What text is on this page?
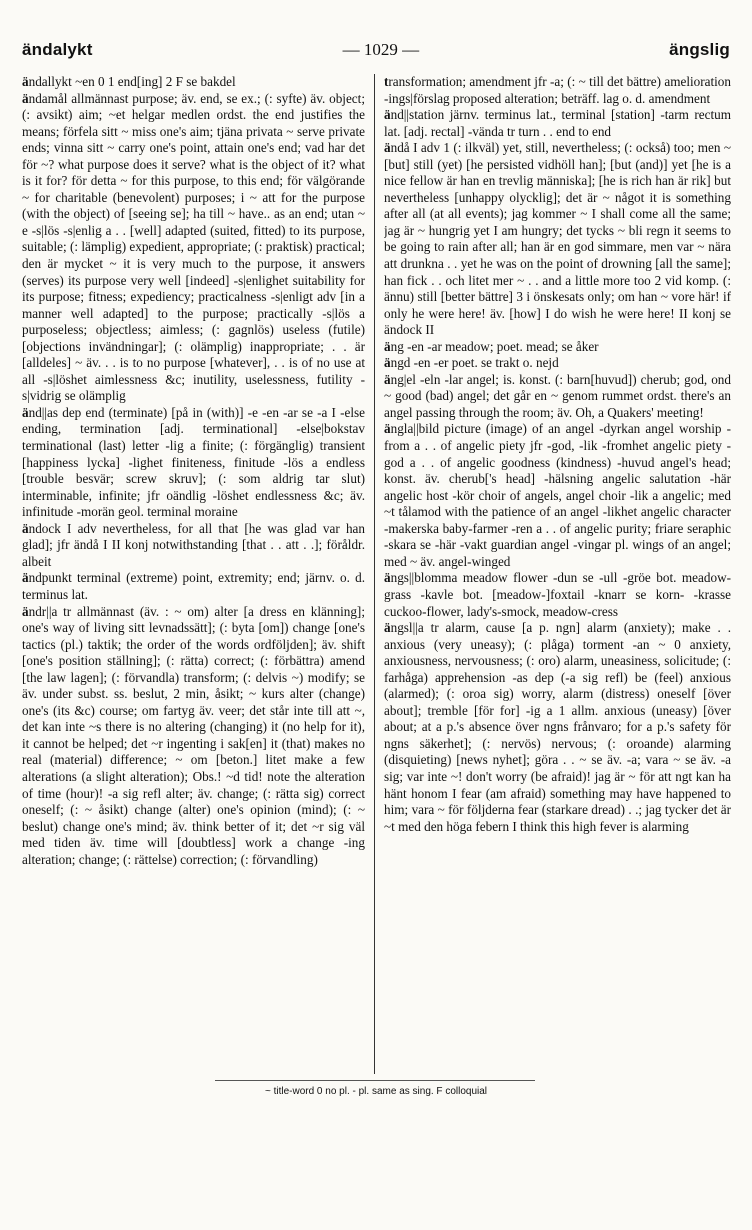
ändalykt	— 1029 —	ängslig

ändallykt ~en 0 1 end[ing] 2 F se bakdel

ändamål allmännast purpose; äv. end, se ex.; (: syfte) äv. object; (: avsikt) aim; ~et helgar medlen ordst. the end justifies the means; förfela sitt ~ miss one's aim; tjäna privata ~ serve private ends; vinna sitt ~ carry one's point, attain one's end; vad har det för ~? what purpose does it serve? what is the object of it? what is it for? för detta ~ for this purpose, to this end; för välgörande ~ for charitable (benevolent) purposes; i ~ att for the purpose (with the object) of [seeing se]; ha till ~ have.. as an end; utan ~ e -s|lös -s|enlig a . . [well] adapted (suited, fitted) to its purpose, suitable; (: lämplig) expedient, appropriate; (: praktisk) practical; den är mycket ~ it is very much to the purpose, it answers (serves) its purpose very well [indeed] -s|enlighet suitability for its purpose; fitness; expediency; practicalness -s|enligt adv [in a manner well adapted] to the purpose; practically -s|lös a purposeless; objectless; aimless; (: gagnlös) useless (futile) [objections invändningar]; (: olämplig) inappropriate; . . är [alldeles] ~ äv. . . is to no purpose [whatever], . . is of no use at all -s|löshet aimlessness &c; inutility, uselessness, futility -s|vidrig se olämplig

änd||as dep end (terminate) [på in (with)] -e -en -ar se -a I -else ending, termination [adj. terminational] -else|bokstav terminational (last) letter -lig a finite; (: förgänglig) transient [happiness lycka] -lighet finiteness, finitude -lös a endless [trouble besvär; screw skruv]; (: som aldrig tar slut) interminable, infinite; jfr oändlig -löshet endlessness &c; äv. infinitude -morän geol. terminal moraine

ändock I adv nevertheless, for all that [he was glad var han glad]; jfr ändå I II konj notwithstanding [that . . att . .]; föråldr. albeit

ändpunkt terminal (extreme) point, extremity; end; järnv. o. d. terminus lat.

ändr||a tr allmännast (äv. : ~ om) alter [a dress en klänning]; one's way of living sitt levnadssätt]; (: byta [om]) change [one's tactics (pl.) taktik; the order of the words ordföljden]; äv. shift [one's position ställning]; (: rätta) correct; (: förbättra) amend [the law lagen]; (: förvandla) transform; (: delvis ~) modify; se äv. under subst. ss. beslut, 2 min, åsikt; ~ kurs alter (change) one's (its &c) course; om fartyg äv. veer; det står inte till att ~, det kan inte ~s there is no altering (changing) it (no help for it), it cannot be helped; det ~r ingenting i sak[en] it (that) makes no real (material) difference; ~ om [beton.] litet make a few alterations (a slight alteration); Obs.! ~d tid! note the alteration of time (hour)! -a sig refl alter; äv. change; (: rätta sig) correct oneself; (: ~ åsikt) change (alter) one's opinion (mind); (: ~ beslut) change one's mind; äv. think better of it; det ~r sig väl med tiden äv. time will [doubtless] work a change -ing alteration; change; (: rättelse) correction; (: förvandling)

transformation; amendment jfr -a; (: ~ till det bättre) amelioration -ings|förslag proposed alteration; beträff. lag o. d. amendment

änd||station järnv. terminus lat., terminal [station] -tarm rectum lat. [adj. rectal] -vända tr turn . . end to end

ändå I adv 1 (: ilkväl) yet, still, nevertheless; (: också) too; men ~ [but] still (yet) [he persisted vidhöll han]; [but (and)] yet [he is a nice fellow är han en trevlig människa]; [he is rich han är rik] but nevertheless [unhappy olycklig]; det är ~ något it is something after all (at all events); jag kommer ~ I shall come all the same; jag är ~ hungrig yet I am hungry; det tycks ~ bli regn it seems to be going to rain after all; han är en god simmare, men var ~ nära att drunkna . . yet he was on the point of drowning [all the same]; han fick . . och litet mer ~ . . and a little more too 2 vid komp. (: ännu) still [better bättre] 3 i önskesats only; om han ~ vore här! if only he were here! äv. [how] I do wish he were here! II konj se ändock II

äng -en -ar meadow; poet. mead; se åker

ängd -en -er poet. se trakt o. nejd

äng|el -eln -lar angel; is. konst. (: barn[huvud]) cherub; god, ond ~ good (bad) angel; det går en ~ genom rummet ordst. there's an angel passing through the room; äv. Oh, a Quakers' meeting!

ängla||bild picture (image) of an angel -dyrkan angel worship -from a . . of angelic piety jfr -god, -lik -fromhet angelic piety -god a . . of angelic goodness (kindness) -huvud angel's head; konst. äv. cherub['s head] -hälsning angelic salutation -här angelic host -kör choir of angels, angel choir -lik a angelic; med ~t tålamod with the patience of an angel -likhet angelic character -makerska baby-farmer -ren a . . of angelic purity; friare seraphic -skara se -här -vakt guardian angel -vingar pl. wings of an angel; med ~ äv. angel-winged

ängs||blomma meadow flower -dun se -ull -gröe bot. meadow-grass -kavle bot. [meadow-]foxtail -knarr se korn- -krasse cuckoo-flower, lady's-smock, meadow-cress

ängsl||a tr alarm, cause [a p. ngn] alarm (anxiety); make . . anxious (very uneasy); (: plåga) torment -an ~ 0 anxiety, anxiousness, nervousness; (: oro) alarm, uneasiness, solicitude; (: farhåga) apprehension -as dep (-a sig refl) be (feel) anxious (alarmed); (: oroa sig) worry, alarm (distress) oneself [över about]; tremble [för for] -ig a 1 allm. anxious (uneasy) [över about; at a p.'s absence över ngns frånvaro; for a p.'s safety för ngns säkerhet]; (: nervös) nervous; (: oroande) alarming (disquieting) [news nyhet]; göra . . ~ se äv. -a; vara ~ se äv. -a sig; var inte ~! don't worry (be afraid)! jag är ~ för att ngt kan ha hänt honom I fear (am afraid) something may have happened to him; vara ~ för följderna fear (starkare dread) . .; jag tycker det är ~t med den höga febern I think this high fever is alarming

~ title-word 0 no pl. - pl. same as sing. F colloquial
